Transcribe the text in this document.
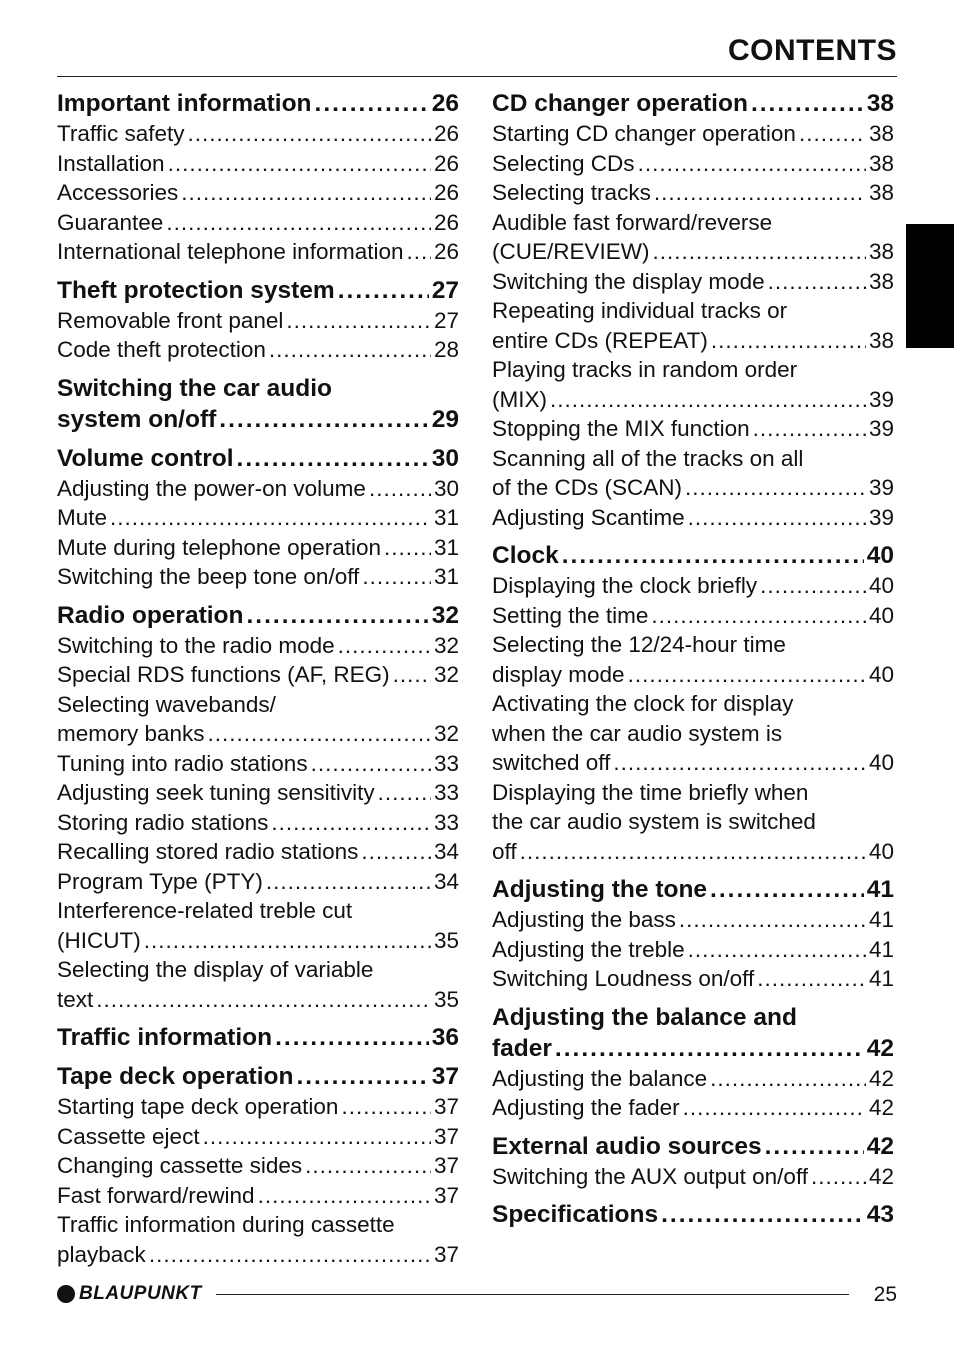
CONTENTS
Important information .....	26
Traffic safety .....	26
Installation .....	26
Accessories .....	26
Guarantee .....	26
International telephone information ..... 26
Theft protection system .....	27
Removable front panel .....	27
Code theft protection .....	28
Switching the car audio
system on/off .....	29
Volume control .....	30
Adjusting the power-on volume .....	30
Mute .....	31
Mute during telephone operation ..... 31
Switching the beep tone on/off .....	31
Radio operation .....	32
Switching to the radio mode .....	32
Special RDS functions (AF, REG) ..... 32
Selecting wavebands/
memory banks .....	32
Tuning into radio stations .....	33
Adjusting seek tuning sensitivity .....	33
Storing radio stations .....	33
Recalling stored radio stations .....	34
Program Type (PTY) .....	34
Interference-related treble cut
(HICUT) .....	35
Selecting the display of variable
text .....	35
Traffic information .....	36
Tape deck operation .....	37
Starting tape deck operation .....	37
Cassette eject .....	37
Changing cassette sides .....	37
Fast forward/rewind .....	37
Traffic information during cassette
playback .....	37
CD changer operation .....	38
Starting CD changer operation .....	38
Selecting CDs .....	38
Selecting tracks .....	38
Audible fast forward/reverse
(CUE/REVIEW) .....	38
Switching the display mode .....	38
Repeating individual tracks or
entire CDs (REPEAT) .....	38
Playing tracks in random order
(MIX) .....	39
Stopping the MIX function .....	39
Scanning all of the tracks on all
of the CDs (SCAN) .....	39
Adjusting Scantime .....	39
Clock .....	40
Displaying the clock briefly .....	40
Setting the time .....	40
Selecting the 12/24-hour time
display mode .....	40
Activating the clock for display
when the car audio system is
switched off .....	40
Displaying the time briefly when
the car audio system is switched
off .....	40
Adjusting the tone .....	41
Adjusting the bass .....	41
Adjusting the treble .....	41
Switching Loudness on/off .....	41
Adjusting the balance and
fader .....	42
Adjusting the balance .....	42
Adjusting the fader .....	42
External audio sources .....	42
Switching the AUX output on/off .....	42
Specifications .....	43
BLAUPUNKT	25
